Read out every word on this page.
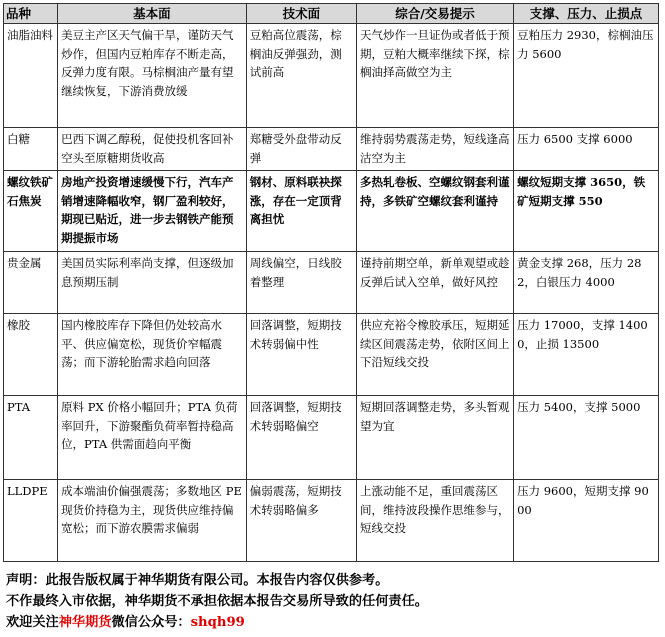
品种	基本面	技术面	综合/交易提示	支撑、压力、止损点
油脂油料	美豆主产区天气偏干旱，谨防天气炒作，但国内豆粕库存不断走高，反弹力度有限。马棕榈油产量有望继续恢复，下游消费放缓	豆粕高位震荡，棕榈油反弹强劲，测试前高	天气炒作一旦证伪或者低于预期，豆粕大概率继续下探，棕榈油择高做空为主	豆粕压力 2930，棕榈油压力 5600
白糖	巴西下调乙醇税，促使投机客回补空头至原糖期货收高	郑糖受外盘带动反弹	维持弱势震荡走势，短线逢高沽空为主	压力 6500 支撑 6000
螺纹铁矿石焦炭	房地产投资增速缓慢下行，汽车产销增速降幅收窄，钢厂盈利较好，期现已贴近，进一步去钢铁产能预期提振市场	钢材、原料联袂探涨，存在一定顶背离担忧	多热轧卷板、空螺纹钢套利谨持，多铁矿空螺纹套利谨持	螺纹短期支撑 3650，铁矿短期支撑 550
贵金属	美国员实际利率尚支撑，但逐级加息预期压制	周线偏空，日线胶着整理	谨持前期空单，新单观望或趁反弹后试入空单，做好风控	黄金支撑 268，压力 282，白银压力 4000
橡胶	国内橡胶库存下降但仍处较高水平、供应偏宽松，现货价窄幅震荡；而下游轮胎需求趋向回落	回落调整，短期技术转弱偏中性	供应充裕令橡胶承压，短期延续区间震荡走势，依附区间上下沿短线交投	压力 17000，支撑 14000，止损 13500
PTA	原料 PX 价格小幅回升；PTA 负荷率回升，下游聚酯负荷率暂持稳高位，PTA 供需面趋向平衡	回落调整，短期技术转弱略偏空	短期回落调整走势，多头暂观望为宜	压力 5400，支撑 5000
LLDPE	成本端油价偏强震荡；多数地区 PE 现货价持稳为主，现货供应维持偏宽松；而下游农膜需求偏弱	偏弱震荡，短期技术转弱略偏多	上涨动能不足，重回震荡区间，维持波段操作思维参与，短线交投	压力 9600，短期支撑 9000
声明：此报告版权属于神华期货有限公司。本报告内容仅供参考。
不作最终入市依据，神华期货不承担依据本报告交易所导致的任何责任。
欢迎关注神华期货微信公众号：shqh99
